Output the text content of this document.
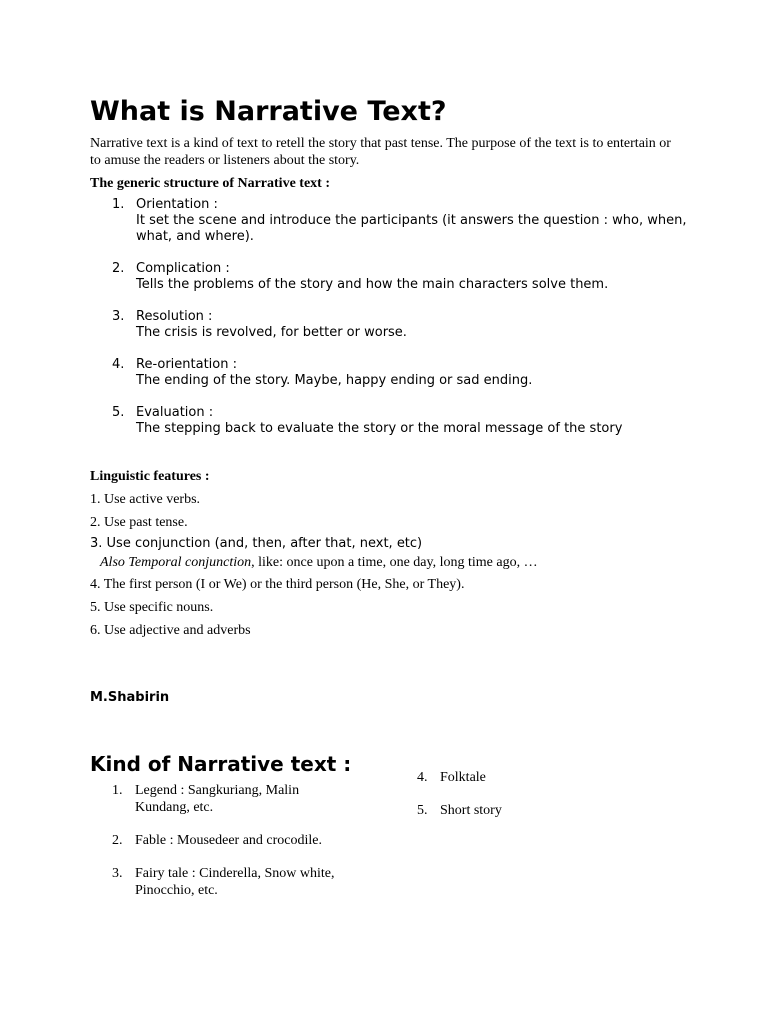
What is Narrative Text?
Narrative text is a kind of text to retell the story that past tense. The purpose of the text is to entertain or to amuse the readers or listeners about the story.
The generic structure of Narrative text :
1. Orientation :
It set the scene and introduce the participants (it answers the question : who, when, what, and where).
2. Complication :
Tells the problems of the story and how the main characters solve them.
3. Resolution :
The crisis is revolved, for better or worse.
4. Re-orientation :
The ending of the story. Maybe, happy ending or sad ending.
5. Evaluation :
The stepping back to evaluate the story or the moral message of the story
Linguistic features :
1. Use active verbs.
2. Use past tense.
3. Use conjunction (and, then, after that, next, etc)
Also Temporal conjunction, like: once upon a time, one day, long time ago, …
4. The first person (I or We) or the third person (He, She, or They).
5. Use specific nouns.
6. Use adjective and adverbs
M.Shabirin
Kind of Narrative text :
1. Legend : Sangkuriang, Malin Kundang, etc.
2. Fable : Mousedeer and crocodile.
3. Fairy tale : Cinderella, Snow white, Pinocchio, etc.
4. Folktale
5. Short story
